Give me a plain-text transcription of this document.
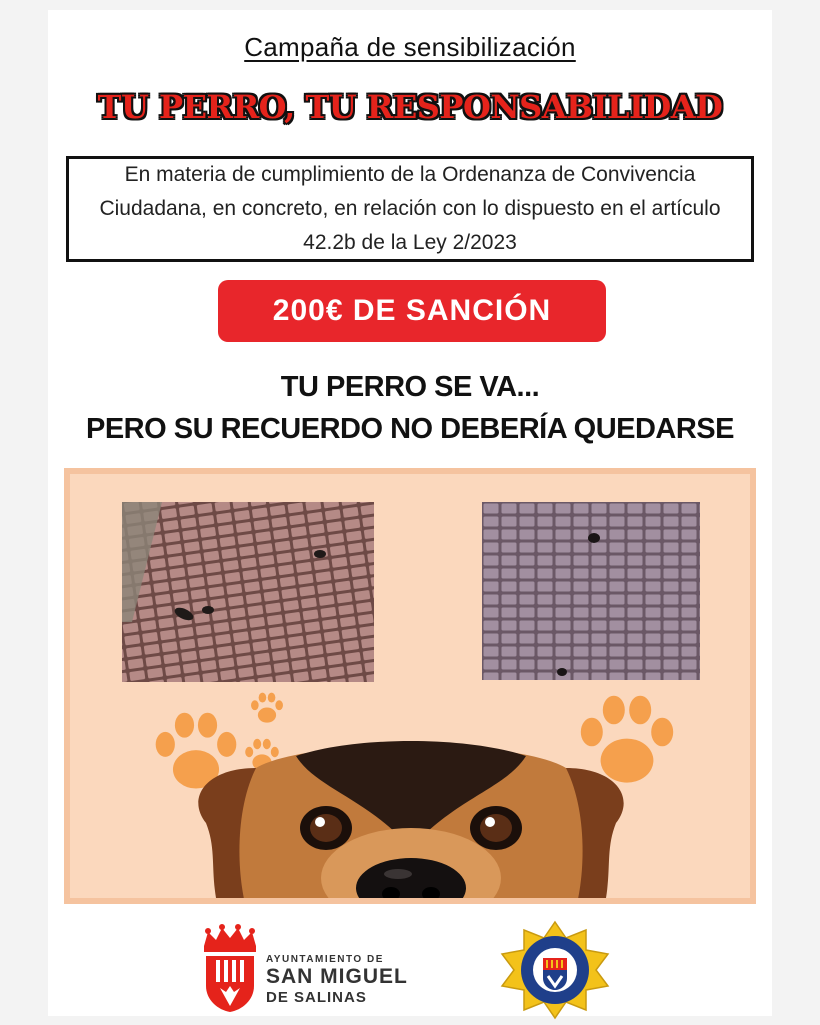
Campaña de sensibilización
TU PERRO, TU RESPONSABILIDAD
En materia de cumplimiento de la Ordenanza de Convivencia Ciudadana, en concreto, en relación con lo dispuesto en el artículo 42.2b de la Ley 2/2023
200€ DE SANCIÓN
TU PERRO SE VA...
PERO SU RECUERDO NO DEBERÍA QUEDARSE
AYUNTAMIENTO DE
SAN MIGUEL
DE SALINAS
